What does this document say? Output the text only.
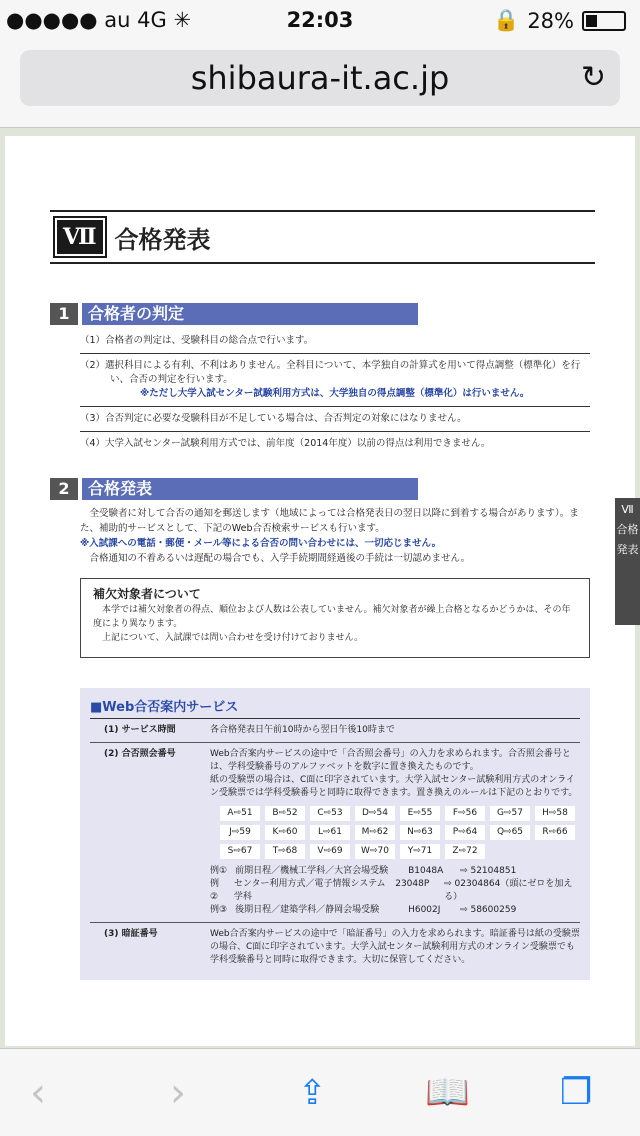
●●●●● au 4G ✳	22:03	🔒 28%
shibaura-it.ac.jp	↻
Ⅶ 合格発表
1	合格者の判定
（1）合格者の判定は、受験科目の総合点で行います。
（2）選択科目による有利、不利はありません。全科目について、本学独自の計算式を用いて得点調整（標準化）を行い、合否の判定を行います。
※ただし大学入試センター試験利用方式は、大学独自の得点調整（標準化）は行いません。
（3）合否判定に必要な受験科目が不足している場合は、合否判定の対象にはなりません。
（4）大学入試センター試験利用方式では、前年度（2014年度）以前の得点は利用できません。
2	合格発表
　全受験者に対して合否の通知を郵送します（地域によっては合格発表日の翌日以降に到着する場合があります）。また、補助的サービスとして、下記のWeb合否検索サービスも行います。
※入試課への電話・郵便・メール等による合否の問い合わせには、一切応じません。
　合格通知の不着あるいは遅配の場合でも、入学手続期間経過後の手続は一切認めません。
補欠対象者について
　本学では補欠対象者の得点、順位および人数は公表していません。補欠対象者が繰上合格となるかどうかは、その年度により異なります。
　上記について、入試課では問い合わせを受け付けておりません。
■Web合否案内サービス
(1) サービス時間	各合格発表日午前10時から翌日午後10時まで
(2) 合否照会番号	Web合否案内サービスの途中で「合否照会番号」の入力を求められます。合否照会番号とは、学科受験番号のアルファベットを数字に置き換えたものです。
紙の受験票の場合は、C面に印字されています。大学入試センター試験利用方式のオンライン受験票では学科受験番号と同時に取得できます。置き換えのルールは下記のとおりです。
A⇨51	B⇨52	C⇨53	D⇨54	E⇨55	F⇨56	G⇨57	H⇨58
J⇨59	K⇨60	L⇨61	M⇨62	N⇨63	P⇨64	Q⇨65	R⇨66
S⇨67	T⇨68	V⇨69	W⇨70	Y⇨71	Z⇨72
例① 前期日程／機械工学科／大宮会場受験	B1048A	⇨ 52104851
例②
センター利用方式／電子情報システム学科
23048P	⇨ 02304864（頭にゼロを加える）
例③ 後期日程／建築学科／静岡会場受験	H6002J	⇨ 58600259
(3) 暗証番号	Web合否案内サービスの途中で「暗証番号」の入力を求められます。暗証番号は紙の受験票の場合、C面に印字されています。大学入試センター試験利用方式のオンライン受験票でも学科受験番号と同時に取得できます。大切に保管してください。
Ⅶ 合格発表
‹	›	⇪	📖	❐
